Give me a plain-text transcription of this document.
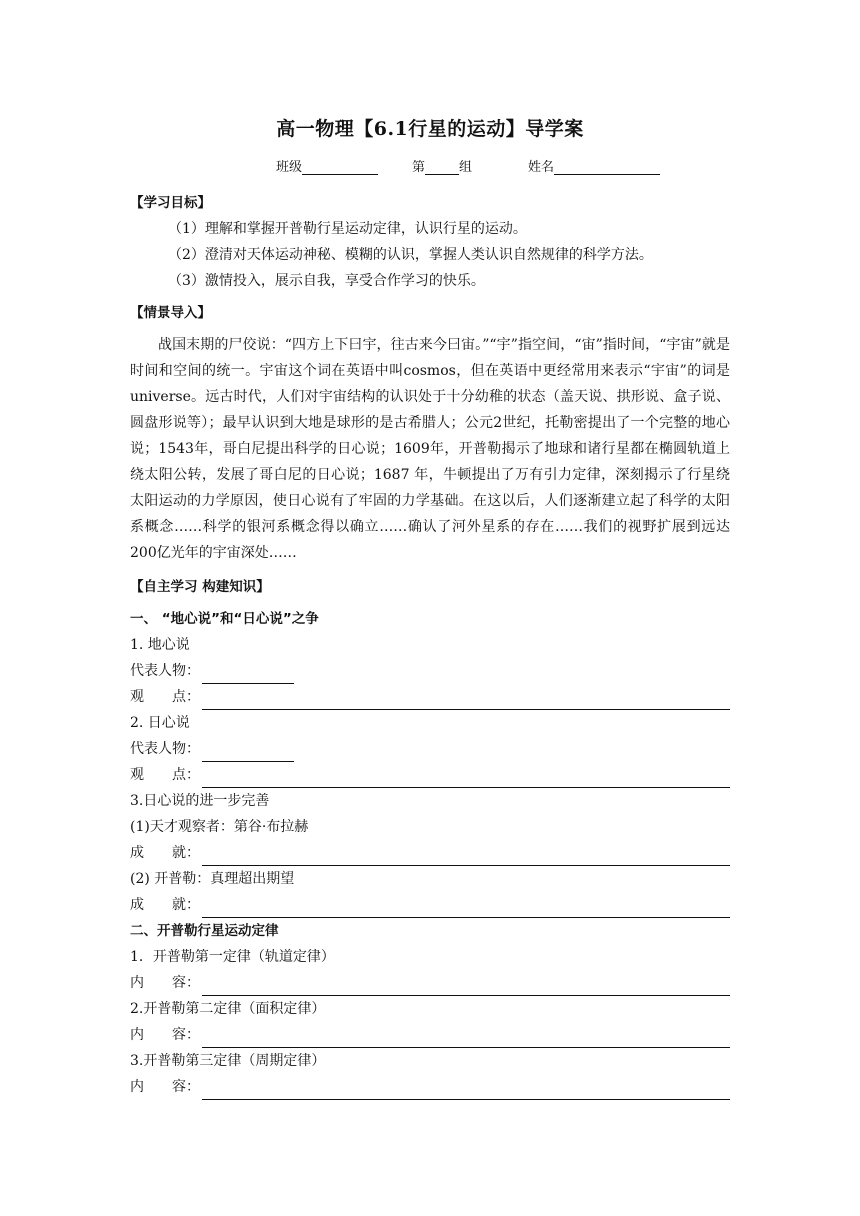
高一物理【6.1行星的运动】导学案
班级	第	组	姓名
【学习目标】
（1）理解和掌握开普勒行星运动定律，认识行星的运动。
（2）澄清对天体运动神秘、模糊的认识，掌握人类认识自然规律的科学方法。
（3）激情投入，展示自我，享受合作学习的快乐。
【情景导入】

战国末期的尸佼说：“四方上下曰宇，往古来今曰宙。”“宇”指空间，“宙”指时间，“宇宙”就是时间和空间的统一。宇宙这个词在英语中叫cosmos，但在英语中更经常用来表示“宇宙”的词是 universe。远古时代，人们对宇宙结构的认识处于十分幼稚的状态（盖天说、拱形说、盒子说、圆盘形说等）；最早认识到大地是球形的是古希腊人；公元2世纪，托勒密提出了一个完整的地心说；1543年，哥白尼提出科学的日心说；1609年，开普勒揭示了地球和诸行星都在椭圆轨道上绕太阳公转，发展了哥白尼的日心说；1687 年，牛顿提出了万有引力定律，深刻揭示了行星绕太阳运动的力学原因，使日心说有了牢固的力学基础。在这以后，人们逐渐建立起了科学的太阳系概念……科学的银河系概念得以确立……确认了河外星系的存在……我们的视野扩展到远达200亿光年的宇宙深处……

【自主学习 构建知识】
一、 “地心说”和“日心说”之争
1. 地心说
代表人物：
观　　点：
2. 日心说
代表人物：
观　　点：
3.日心说的进一步完善
(1)天才观察者：第谷·布拉赫
成　　就：
(2) 开普勒：真理超出期望
成　　就：
二、开普勒行星运动定律
1．开普勒第一定律（轨道定律）
内　　容：
2.开普勒第二定律（面积定律）
内　　容：
3.开普勒第三定律（周期定律）
内　　容：
